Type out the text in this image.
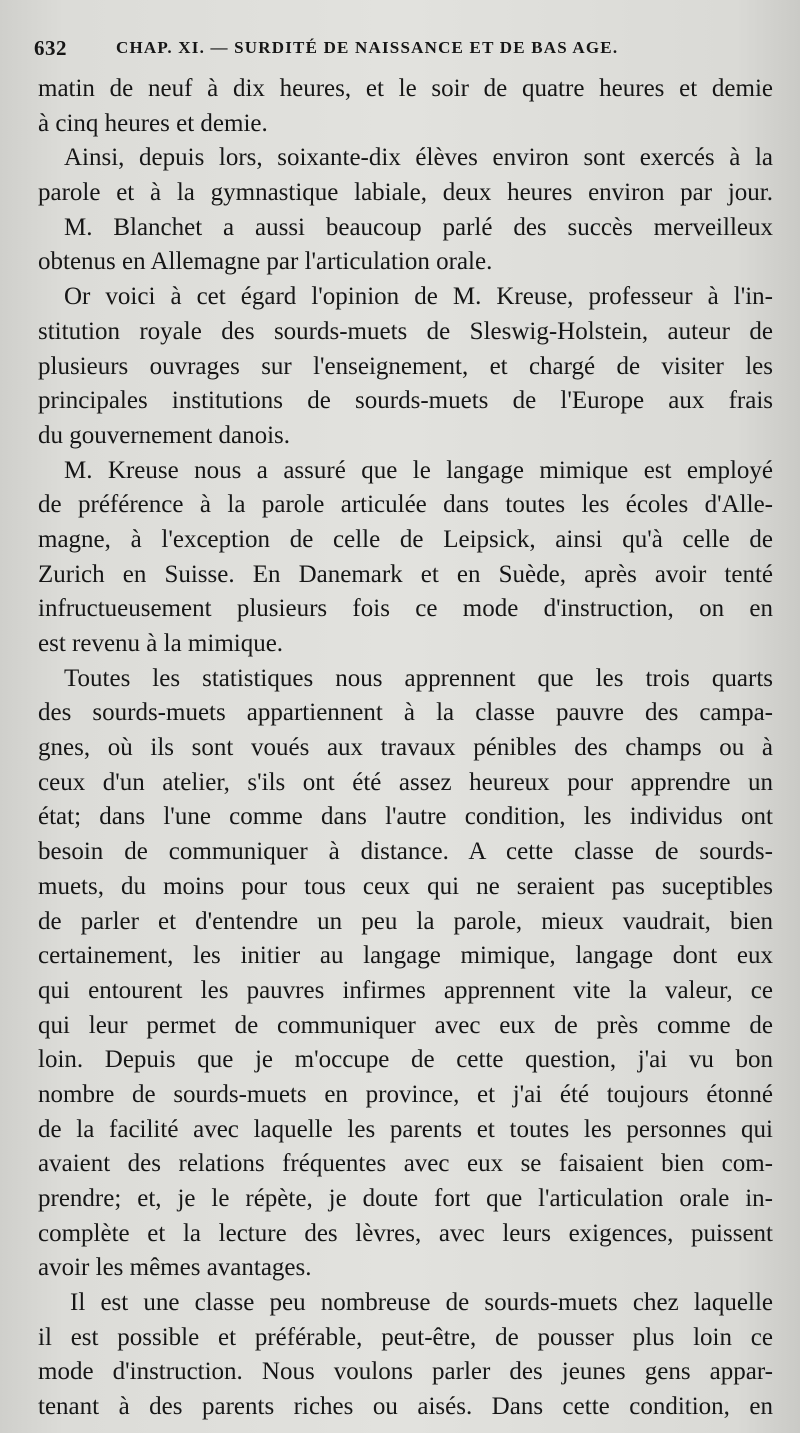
632	CHAP. XI. — SURDITÉ DE NAISSANCE ET DE BAS AGE.
matin de neuf à dix heures, et le soir de quatre heures et demie
à cinq heures et demie.
Ainsi, depuis lors, soixante-dix élèves environ sont exercés à la
parole et à la gymnastique labiale, deux heures environ par jour.
M. Blanchet a aussi beaucoup parlé des succès merveilleux
obtenus en Allemagne par l'articulation orale.
Or voici à cet égard l'opinion de M. Kreuse, professeur à l'in-
stitution royale des sourds-muets de Sleswig-Holstein, auteur de
plusieurs ouvrages sur l'enseignement, et chargé de visiter les
principales institutions de sourds-muets de l'Europe aux frais
du gouvernement danois.
M. Kreuse nous a assuré que le langage mimique est employé
de préférence à la parole articulée dans toutes les écoles d'Alle-
magne, à l'exception de celle de Leipsick, ainsi qu'à celle de
Zurich en Suisse. En Danemark et en Suède, après avoir tenté
infructueusement plusieurs fois ce mode d'instruction, on en
est revenu à la mimique.
Toutes les statistiques nous apprennent que les trois quarts
des sourds-muets appartiennent à la classe pauvre des campa-
gnes, où ils sont voués aux travaux pénibles des champs ou à
ceux d'un atelier, s'ils ont été assez heureux pour apprendre un
état; dans l'une comme dans l'autre condition, les individus ont
besoin de communiquer à distance. A cette classe de sourds-
muets, du moins pour tous ceux qui ne seraient pas suceptibles
de parler et d'entendre un peu la parole, mieux vaudrait, bien
certainement, les initier au langage mimique, langage dont eux
qui entourent les pauvres infirmes apprennent vite la valeur, ce
qui leur permet de communiquer avec eux de près comme de
loin. Depuis que je m'occupe de cette question, j'ai vu bon
nombre de sourds-muets en province, et j'ai été toujours étonné
de la facilité avec laquelle les parents et toutes les personnes qui
avaient des relations fréquentes avec eux se faisaient bien com-
prendre; et, je le répète, je doute fort que l'articulation orale in-
complète et la lecture des lèvres, avec leurs exigences, puissent
avoir les mêmes avantages.
Il est une classe peu nombreuse de sourds-muets chez laquelle
il est possible et préférable, peut-être, de pousser plus loin ce
mode d'instruction. Nous voulons parler des jeunes gens appar-
tenant à des parents riches ou aisés. Dans cette condition, en
